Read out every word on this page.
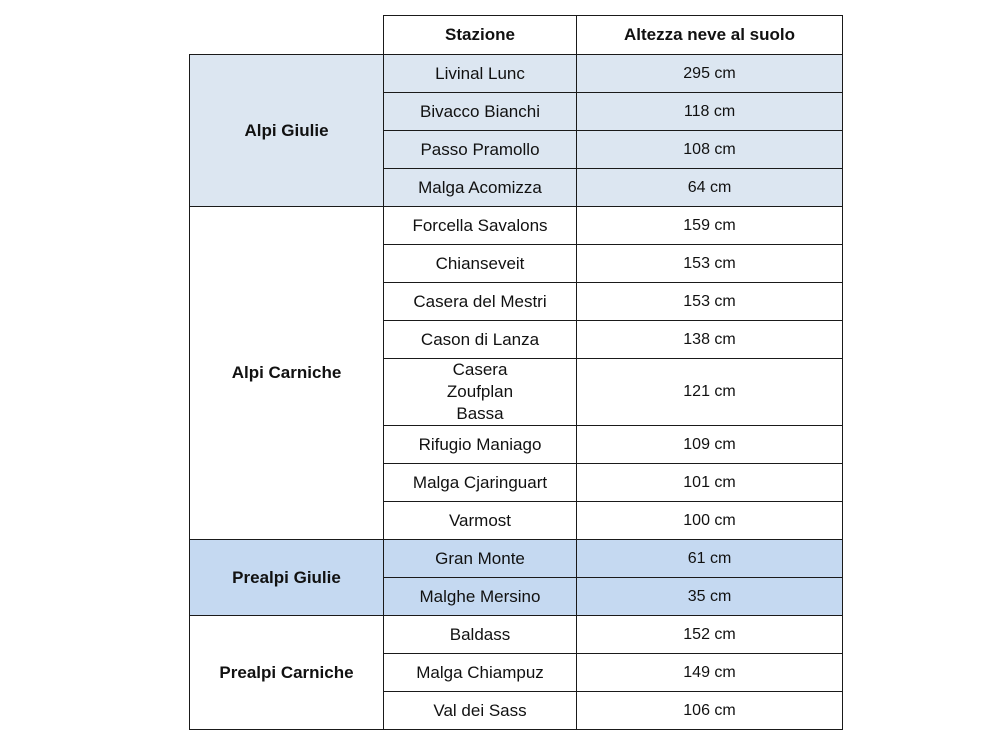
	Stazione	Altezza neve al suolo
Alpi Giulie	Livinal Lunc	295 cm
	Bivacco Bianchi	118 cm
	Passo Pramollo	108 cm
	Malga Acomizza	64 cm
Alpi Carniche	Forcella Savalons	159 cm
	Chianseveit	153 cm
	Casera del Mestri	153 cm
	Cason di Lanza	138 cm
	Casera Zoufplan Bassa	121 cm
	Rifugio Maniago	109 cm
	Malga Cjaringuart	101 cm
	Varmost	100 cm
Prealpi Giulie	Gran Monte	61 cm
	Malghe Mersino	35 cm
Prealpi Carniche	Baldass	152 cm
	Malga Chiampuz	149 cm
	Val dei Sass	106 cm
